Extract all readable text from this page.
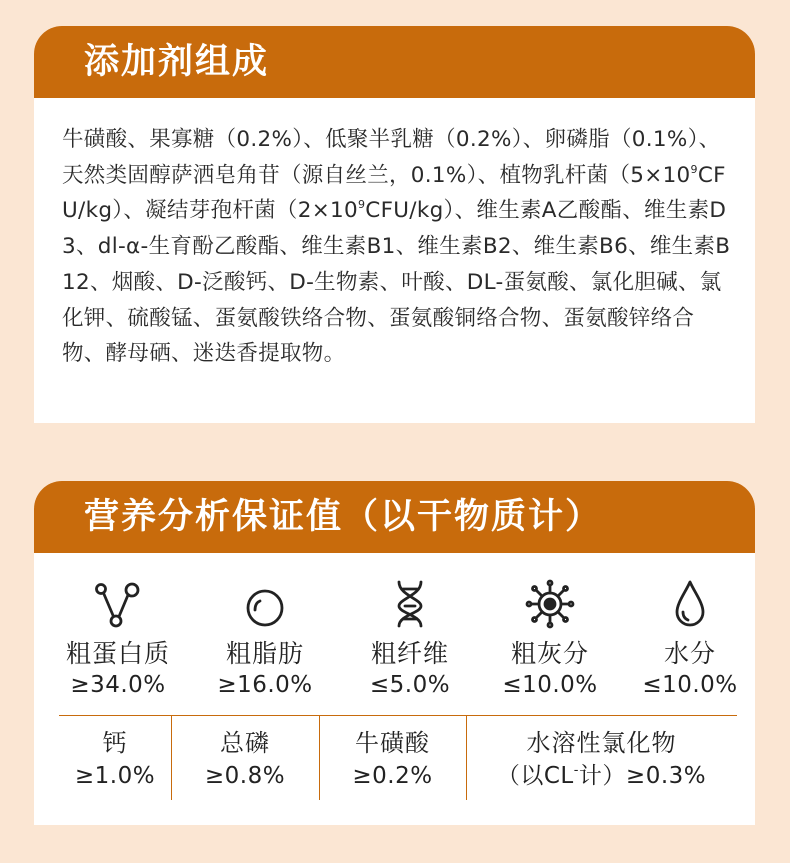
添加剂组成

牛磺酸、果寡糖（0.2%）、低聚半乳糖（0.2%）、卵磷脂（0.1%）、天然类固醇萨洒皂角苷（源自丝兰，0.1%）、植物乳杆菌$(5\times 10^9CFU/kg)$、凝结芽孢杆菌$(2\times 10^9CFU/kg)$、维生素A乙酸酯、维生素D3、dl-α-生育酚乙酸酯、维生素B1、维生素B2、维生素B6、维生素B12、烟酸、D-泛酸钙、D-生物素、叶酸、DL-蛋氨酸、氯化胆碱、氯化钾、硫酸锰、蛋氨酸铁络合物、蛋氨酸铜络合物、蛋氨酸锌络合物、酵母硒、迷迭香提取物。

营养分析保证值（以干物质计）
粗蛋白质
≥34.0%
粗脂肪
≥16.0%
粗纤维
≤5.0%
粗灰分
≤10.0%
水分
≤10.0%
钙
≥1.0%
总磷
≥0.8%
牛磺酸
≥0.2%
水溶性氯化物
（以CL-计）≥0.3%
